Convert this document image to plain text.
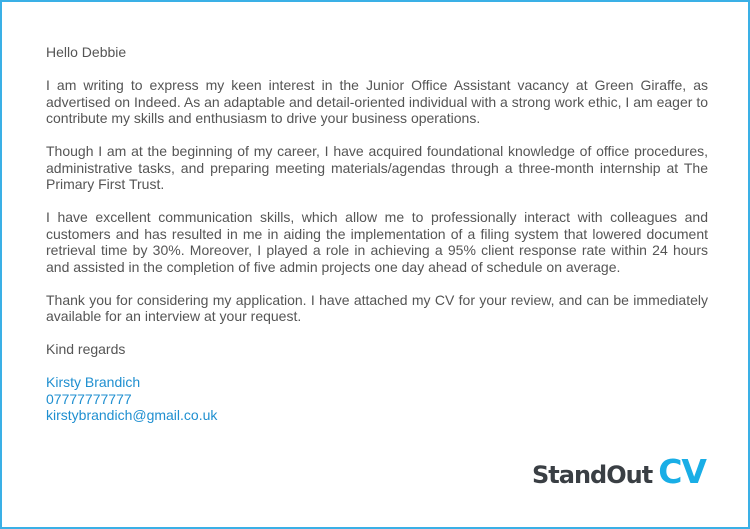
Hello Debbie

I am writing to express my keen interest in the Junior Office Assistant vacancy at Green Giraffe, as advertised on Indeed. As an adaptable and detail-oriented individual with a strong work ethic, I am eager to contribute my skills and enthusiasm to drive your business operations.

Though I am at the beginning of my career, I have acquired foundational knowledge of office procedures, administrative tasks, and preparing meeting materials/agendas through a three-month internship at The Primary First Trust.

I have excellent communication skills, which allow me to professionally interact with colleagues and customers and has resulted in me in aiding the implementation of a filing system that lowered document retrieval time by 30%. Moreover, I played a role in achieving a 95% client response rate within 24 hours and assisted in the completion of five admin projects one day ahead of schedule on average.

Thank you for considering my application. I have attached my CV for your review, and can be immediately available for an interview at your request.

Kind regards

Kirsty Brandich
07777777777
kirstybrandich@gmail.co.uk
StandOut CV
